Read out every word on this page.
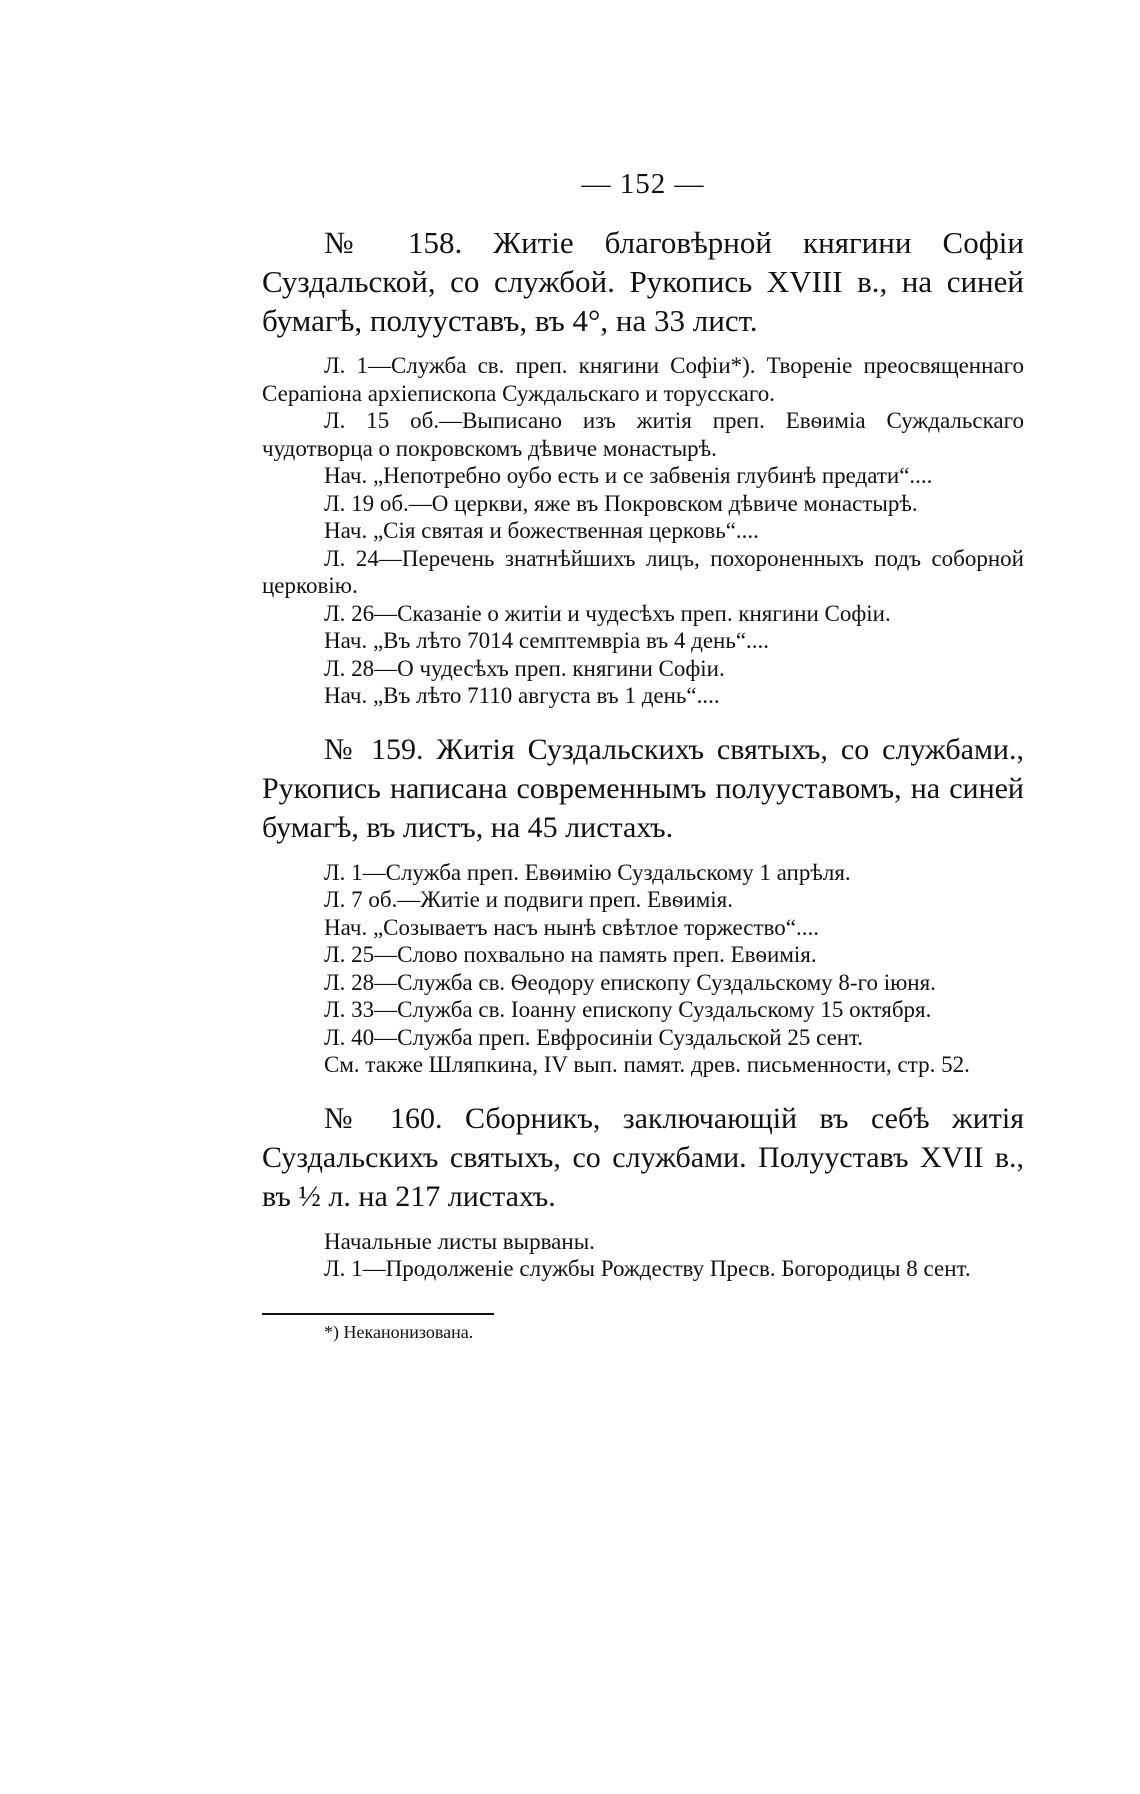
— 152 —

№ 158. Житіе благовѣрной княгини Софіи Суздальской, со службой. Рукопись XVIII в., на синей бумагѣ, полууставъ, въ 4°, на 33 лист.

Л. 1—Служба св. преп. княгини Софіи*). Твореніе преосвященнаго Серапіона архіепископа Суждальскаго и торусскаго.

Л. 15 об.—Выписано изъ житія преп. Евѳиміа Суждальскаго чудотворца о покровскомъ дѣвиче монастырѣ.

Нач. „Непотребно оубо есть и се забвенія глубинѣ предати“....

Л. 19 об.—О церкви, яже въ Покровском дѣвиче монастырѣ.

Нач. „Сія святая и божественная церковь“....

Л. 24—Перечень знатнѣйшихъ лицъ, похороненныхъ подъ соборной церковію.

Л. 26—Сказаніе о житіи и чудесѣхъ преп. княгини Софіи.

Нач. „Въ лѣто 7014 семптемвріа въ 4 день“....

Л. 28—О чудесѣхъ преп. княгини Софіи.

Нач. „Въ лѣто 7110 августа въ 1 день“....

№ 159. Житія Суздальскихъ святыхъ, со службами., Рукопись написана современнымъ полууставомъ, на синей бумагѣ, въ листъ, на 45 листахъ.

Л. 1—Служба преп. Евѳимію Суздальскому 1 апрѣля.

Л. 7 об.—Житіе и подвиги преп. Евѳимія.

Нач. „Созываетъ насъ нынѣ свѣтлое торжество“....

Л. 25—Слово похвально на память преп. Евѳимія.

Л. 28—Служба св. Ѳеодору епископу Суздальскому 8-го іюня.

Л. 33—Служба св. Іоанну епископу Суздальскому 15 октября.

Л. 40—Служба преп. Евфросиніи Суздальской 25 сент.

См. также Шляпкина, IV вып. памят. древ. письменности, стр. 52.

№ 160. Сборникъ, заключающій въ себѣ житія Суздальскихъ святыхъ, со службами. Полууставъ XVII в., въ ½ л. на 217 листахъ.

Начальные листы вырваны.

Л. 1—Продолженіе службы Рождеству Пресв. Богородицы 8 сент.

*) Неканонизована.
